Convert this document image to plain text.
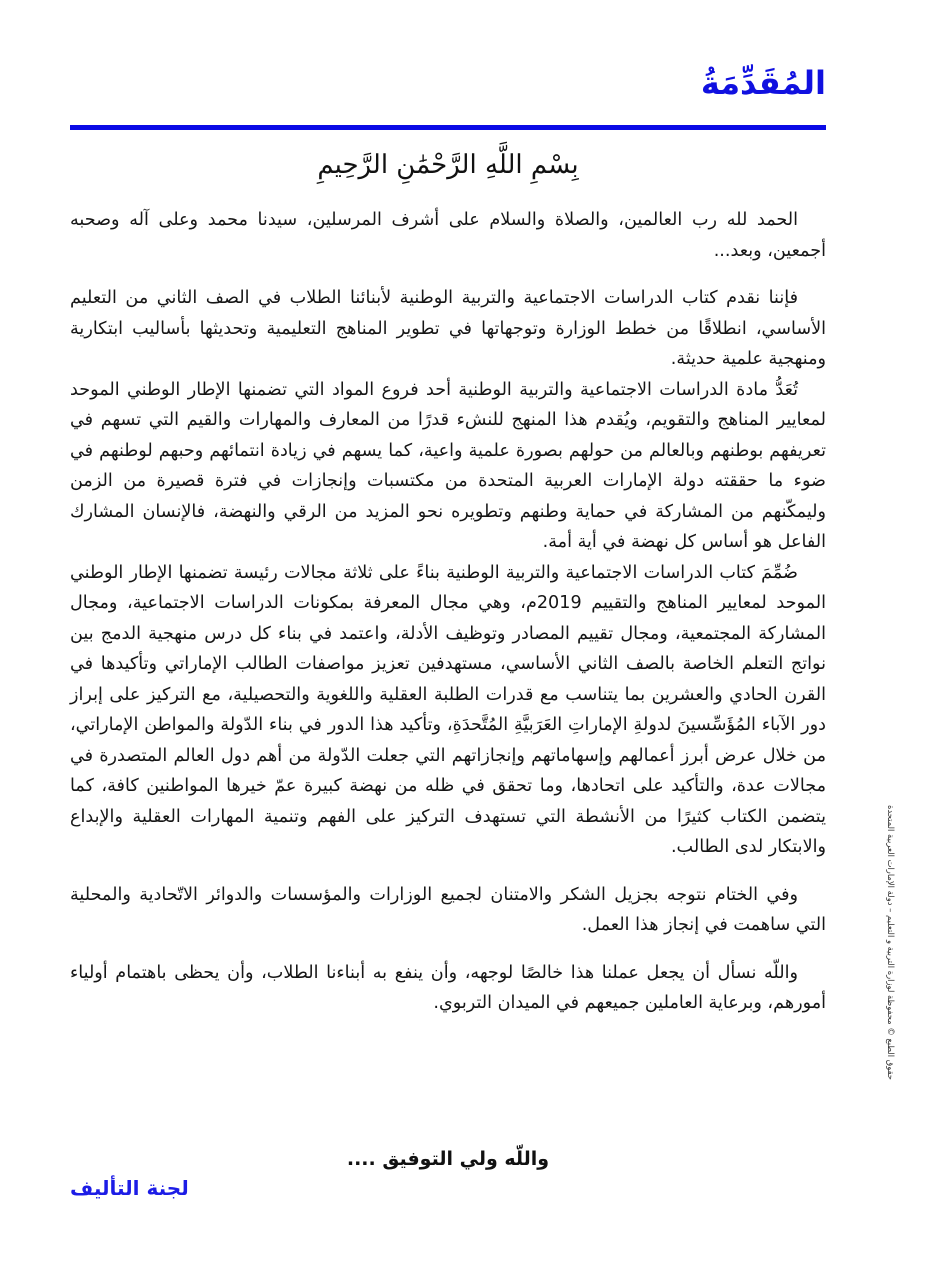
المُقَدِّمَةُ
بِسْمِ اللَّهِ الرَّحْمَٰنِ الرَّحِيمِ

الحمد لله رب العالمين، والصلاة والسلام على أشرف المرسلين، سيدنا محمد وعلى آله وصحبه أجمعين، وبعد...

فإننا نقدم كتاب الدراسات الاجتماعية والتربية الوطنية لأبنائنا الطلاب في الصف الثاني من التعليم الأساسي، انطلاقًا من خطط الوزارة وتوجهاتها في تطوير المناهج التعليمية وتحديثها بأساليب ابتكارية ومنهجية علمية حديثة.

تُعَدُّ مادة الدراسات الاجتماعية والتربية الوطنية أحد فروع المواد التي تضمنها الإطار الوطني الموحد لمعايير المناهج والتقويم، ويُقدم هذا المنهج للنشء قدرًا من المعارف والمهارات والقيم التي تسهم في تعريفهم بوطنهم وبالعالم من حولهم بصورة علمية واعية، كما يسهم في زيادة انتمائهم وحبهم لوطنهم في ضوء ما حققته دولة الإمارات العربية المتحدة من مكتسبات وإنجازات في فترة قصيرة من الزمن وليمكّنهم من المشاركة في حماية وطنهم وتطويره نحو المزيد من الرقي والنهضة، فالإنسان المشارك الفاعل هو أساس كل نهضة في أية أمة.

ضُمِّمَ كتاب الدراسات الاجتماعية والتربية الوطنية بناءً على ثلاثة مجالات رئيسة تضمنها الإطار الوطني الموحد لمعايير المناهج والتقييم 2019م، وهي مجال المعرفة بمكونات الدراسات الاجتماعية، ومجال المشاركة المجتمعية، ومجال تقييم المصادر وتوظيف الأدلة، واعتمد في بناء كل درس منهجية الدمج بين نواتج التعلم الخاصة بالصف الثاني الأساسي، مستهدفين تعزيز مواصفات الطالب الإماراتي وتأكيدها في القرن الحادي والعشرين بما يتناسب مع قدرات الطلبة العقلية واللغوية والتحصيلية، مع التركيز على إبراز دور الآباء المُؤَسِّسينَ لدولةِ الإماراتِ العَرَبيَّةِ المُتَّحدَةِ، وتأكيد هذا الدور في بناء الدّولة والمواطن الإماراتي، من خلال عرض أبرز أعمالهم وإسهاماتهم وإنجازاتهم التي جعلت الدّولة من أهم دول العالم المتصدرة في مجالات عدة، والتأكيد على اتحادها، وما تحقق في ظله من نهضة كبيرة عمّ خيرها المواطنين كافة، كما يتضمن الكتاب كثيرًا من الأنشطة التي تستهدف التركيز على الفهم وتنمية المهارات العقلية والإبداع والابتكار لدى الطالب.

وفي الختام نتوجه بجزيل الشكر والامتنان لجميع الوزارات والمؤسسات والدوائر الاتّحادية والمحلية التي ساهمت في إنجاز هذا العمل.

واللّه نسأل أن يجعل عملنا هذا خالصًا لوجهه، وأن ينفع به أبناءنا الطلاب، وأن يحظى باهتمام أولياء أمورهم، وبرعاية العاملين جميعهم في الميدان التربوي.

واللّه ولي التوفيق ....
لجنة التأليف
حقوق الطبع © محفوظة لوزارة التربية و التعليم – دولة الإمارات العربية المتحدة
